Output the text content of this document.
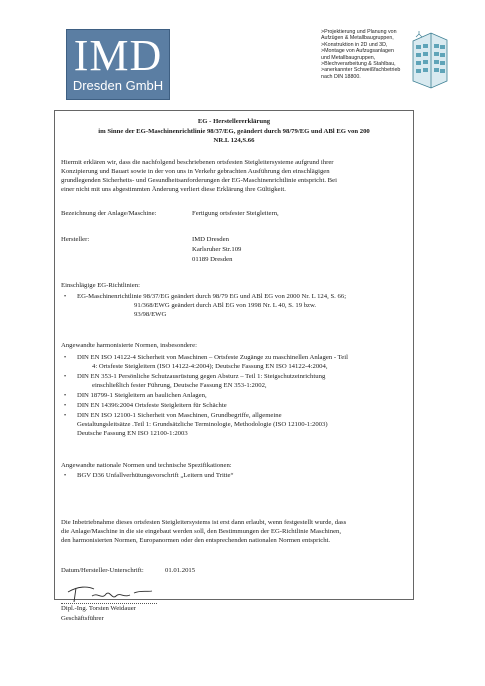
IMD
Dresden GmbH
>Projektierung und Planung von
Aufzügen & Metallbaugruppen,
>Konstruktion in 2D und 3D,
>Montage von Aufzugsanlagen
und Metallbaugruppen,
>Blechverarbeitung & Stahlbau,
>anerkannter Schweißfachbetrieb
nach DIN 18800.
EG - Herstellererklärung
im Sinne der EG-Maschinenrichtlinie 98/37/EG, geändert durch 98/79/EG und ABl EG von 200
NR.L 124,S.66
Hiermit erklären wir, dass die nachfolgend beschriebenen ortsfesten Steigleitersysteme aufgrund ihrer
Konzipierung und Bauart sowie in der von uns in Verkehr gebrachten Ausführung den einschlägigen
grundlegenden Sicherheits- und Gesundheitsanforderungen der EG-Maschinenrichtlinie entspricht. Bei
einer nicht mit uns abgestimmten Änderung verliert diese Erklärung ihre Gültigkeit.
Bezeichnung der Anlage/Maschine:	Fertigung ortsfester Steigleitern,
Hersteller:	IMD Dresden
Karlsruher Str.109
01189 Dresden
Einschlägige EG-Richtlinien:
• EG-Maschinenrichtlinie 98/37/EG geändert durch 98/79 EG und ABl EG von 2000 Nr. L 124, S. 66;
91/368/EWG geändert durch ABl EG von 1998 Nr. L 40, S. 19 bzw.
93/98/EWG
Angewandte harmonisierte Normen, insbesondere:
• DIN EN ISO 14122-4 Sicherheit von Maschinen – Ortsfeste Zugänge zu maschinellen Anlagen - Teil
4: Ortsfeste Steigleitern (ISO 14122-4:2004); Deutsche Fassung EN ISO 14122-4:2004,
• DIN EN 353-1 Persönliche Schutzausrüstung gegen Absturz – Teil 1: Steigschutzeinrichtung
einschließlich fester Führung, Deutsche Fassung EN 353-1:2002,
• DIN 18799-1 Steigleitern an baulichen Anlagen,
• DIN EN 14396:2004 Ortsfeste Steigleitern für Schächte
• DIN EN ISO 12100-1 Sicherheit von Maschinen, Grundbegriffe, allgemeine
Gestaltungsleitsätze .Teil 1: Grundsätzliche Terminologie, Methodologie (ISO 12100-1:2003)
Deutsche Fassung EN ISO 12100-1:2003
Angewandte nationale Normen und technische Spezifikationen:
• BGV D36 Unfallverhütungsvorschrift „Leitern und Tritte“
Die Inbetriebnahme dieses ortsfesten Steigleitersystems ist erst dann erlaubt, wenn festgestellt wurde, dass
die Anlage/Maschine in die sie eingebaut werden soll, den Bestimmungen der EG-Richtlinie Maschinen,
den harmonisierten Normen, Europanormen oder den entsprechenden nationalen Normen entspricht.
Datum/Hersteller-Unterschrift:	01.01.2015
Dipl.-Ing. Torsten Weidauer
Geschäftsführer
